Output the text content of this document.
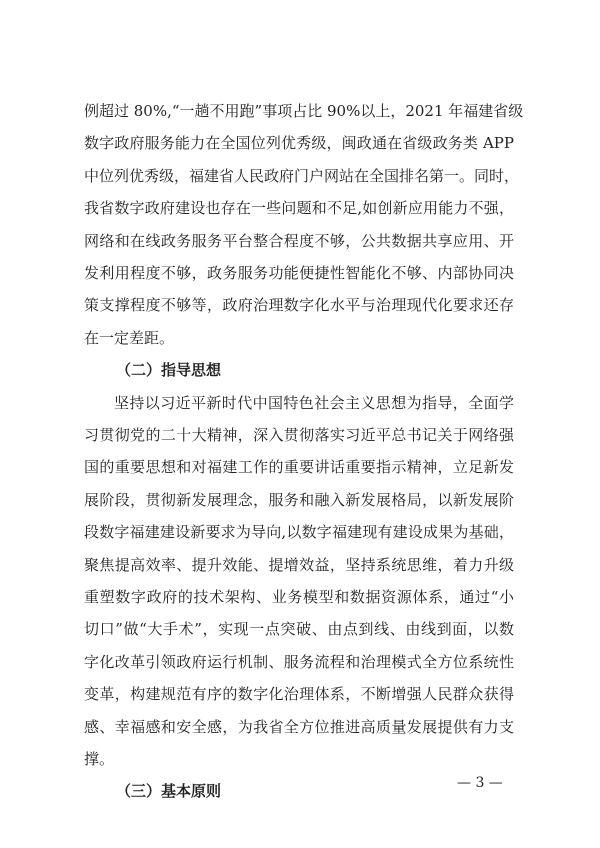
例超过 80%,“一趟不用跑”事项占比 90%以上，2021 年福建省级
数字政府服务能力在全国位列优秀级，闽政通在省级政务类 APP
中位列优秀级，福建省人民政府门户网站在全国排名第一。同时，
我省数字政府建设也存在一些问题和不足,如创新应用能力不强，
网络和在线政务服务平台整合程度不够，公共数据共享应用、开
发利用程度不够，政务服务功能便捷性智能化不够、内部协同决
策支撑程度不够等，政府治理数字化水平与治理现代化要求还存
在一定差距。
（二）指导思想
坚持以习近平新时代中国特色社会主义思想为指导，全面学
习贯彻党的二十大精神，深入贯彻落实习近平总书记关于网络强
国的重要思想和对福建工作的重要讲话重要指示精神，立足新发
展阶段，贯彻新发展理念，服务和融入新发展格局，以新发展阶
段数字福建建设新要求为导向,以数字福建现有建设成果为基础，
聚焦提高效率、提升效能、提增效益，坚持系统思维，着力升级
重塑数字政府的技术架构、业务模型和数据资源体系，通过“小
切口”做“大手术”，实现一点突破、由点到线、由线到面，以数
字化改革引领政府运行机制、服务流程和治理模式全方位系统性
变革，构建规范有序的数字化治理体系，不断增强人民群众获得
感、幸福感和安全感，为我省全方位推进高质量发展提供有力支
撑。
（三）基本原则	— 3 —
